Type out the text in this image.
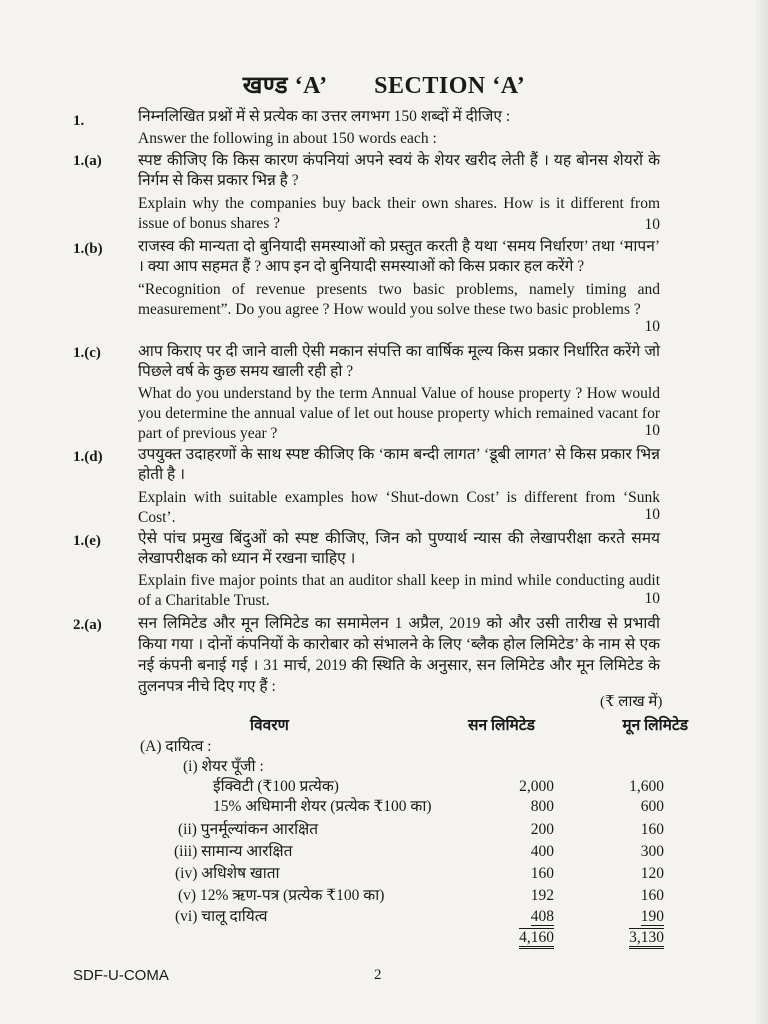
खण्ड ‘A’ SECTION ‘A’
1.	निम्नलिखित प्रश्नों में से प्रत्येक का उत्तर लगभग 150 शब्दों में दीजिए :
Answer the following in about 150 words each :
1.(a) स्पष्ट कीजिए कि किस कारण कंपनियां अपने स्वयं के शेयर खरीद लेती हैं । यह बोनस शेयरों के निर्गम से किस प्रकार भिन्न है ?
Explain why the companies buy back their own shares. How is it different from issue of bonus shares ?	10
1.(b) राजस्व की मान्यता दो बुनियादी समस्याओं को प्रस्तुत करती है यथा ‘समय निर्धारण’ तथा ‘मापन’ । क्या आप सहमत हैं ? आप इन दो बुनियादी समस्याओं को किस प्रकार हल करेंगे ?
“Recognition of revenue presents two basic problems, namely timing and measurement”. Do you agree ? How would you solve these two basic problems ?
10
1.(c) आप किराए पर दी जाने वाली ऐसी मकान संपत्ति का वार्षिक मूल्य किस प्रकार निर्धारित करेंगे जो पिछले वर्ष के कुछ समय खाली रही हो ?
What do you understand by the term Annual Value of house property ? How would you determine the annual value of let out house property which remained vacant for part of previous year ?	10
1.(d) उपयुक्त उदाहरणों के साथ स्पष्ट कीजिए कि ‘काम बन्दी लागत’ ‘डूबी लागत’ से किस प्रकार भिन्न होती है ।
Explain with suitable examples how ‘Shut-down Cost’ is different from ‘Sunk Cost’.	10
1.(e) ऐसे पांच प्रमुख बिंदुओं को स्पष्ट कीजिए, जिन को पुण्यार्थ न्यास की लेखापरीक्षा करते समय लेखापरीक्षक को ध्यान में रखना चाहिए ।
Explain five major points that an auditor shall keep in mind while conducting audit of a Charitable Trust.	10
2.(a) सन लिमिटेड और मून लिमिटेड का समामेलन 1 अप्रैल, 2019 को और उसी तारीख से प्रभावी किया गया । दोनों कंपनियों के कारोबार को संभालने के लिए ‘ब्लैक होल लिमिटेड’ के नाम से एक नई कंपनी बनाई गई । 31 मार्च, 2019 की स्थिति के अनुसार, सन लिमिटेड और मून लिमिटेड के तुलनपत्र नीचे दिए गए हैं :
(₹ लाख में)
विवरण	सन लिमिटेड	मून लिमिटेड
(A) दायित्व :
(i) शेयर पूँजी :
ईक्विटी (₹100 प्रत्येक)	2,000	1,600
15% अधिमानी शेयर (प्रत्येक ₹100 का)	800	600
(ii) पुनर्मूल्यांकन आरक्षित	200	160
(iii) सामान्य आरक्षित	400	300
(iv) अधिशेष खाता	160	120
(v) 12% ऋण-पत्र (प्रत्येक ₹100 का)	192	160
(vi) चालू दायित्व	408	190
4,160	3,130
SDF-U-COMA	2
